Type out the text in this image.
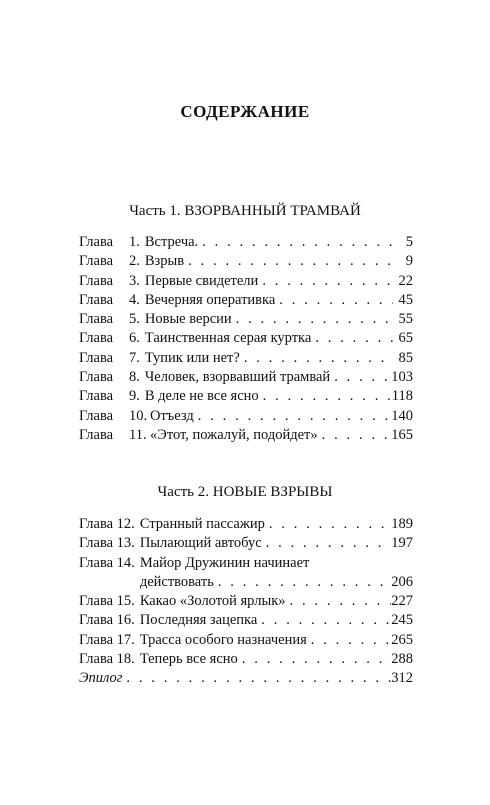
СОДЕРЖАНИЕ
Часть 1. ВЗОРВАННЫЙ ТРАМВАЙ
Глава	1. Встреча. . . .	5
Глава	2. Взрыв . . .	9
Глава	3. Первые свидетели . . .	22
Глава	4. Вечерняя оперативка . . .	45
Глава	5. Новые версии . . .	55
Глава	6. Таинственная серая куртка . . .	65
Глава	7. Тупик или нет? . . .	85
Глава	8. Человек, взорвавший трамвай . . .	103
Глава	9. В деле не все ясно . . .	118
Глава	10. Отъезд . . .	140
Глава	11. «Этот, пожалуй, подойдет» . . .	165
Часть 2. НОВЫЕ ВЗРЫВЫ
Глава 12. Странный пассажир . . .	189
Глава 13. Пылающий автобус . . .	197
Глава 14. Майор Дружинин начинает
действовать . . .	206
Глава 15. Какао «Золотой ярлык» . . .	227
Глава 16. Последняя зацепка . . .	245
Глава 17. Трасса особого назначения . . .	265
Глава 18. Теперь все ясно . . .	288
Эпилог . . .	312
